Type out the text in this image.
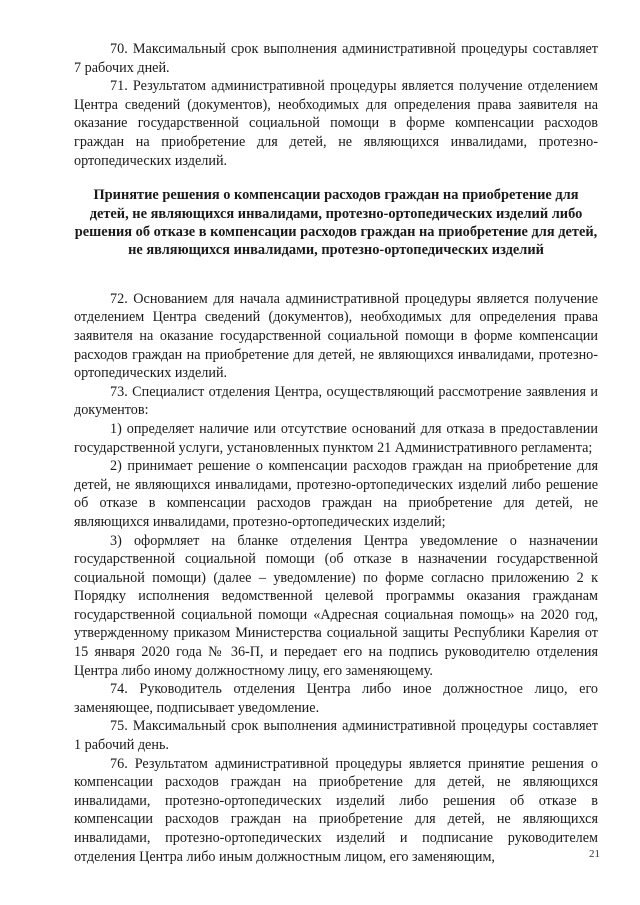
70. Максимальный срок выполнения административной процедуры составляет 7 рабочих дней.

71. Результатом административной процедуры является получение отделением Центра сведений (документов), необходимых для определения права заявителя на оказание государственной социальной помощи в форме компенсации расходов граждан на приобретение для детей, не являющихся инвалидами, протезно-ортопедических изделий.

Принятие решения о компенсации расходов граждан на приобретение для детей, не являющихся инвалидами, протезно-ортопедических изделий либо решения об отказе в компенсации расходов граждан на приобретение для детей, не являющихся инвалидами, протезно-ортопедических изделий

72. Основанием для начала административной процедуры является получение отделением Центра сведений (документов), необходимых для определения права заявителя на оказание государственной социальной помощи в форме компенсации расходов граждан на приобретение для детей, не являющихся инвалидами, протезно-ортопедических изделий.

73. Специалист отделения Центра, осуществляющий рассмотрение заявления и документов:

1) определяет наличие или отсутствие оснований для отказа в предоставлении государственной услуги, установленных пунктом 21 Административного регламента;

2) принимает решение о компенсации расходов граждан на приобретение для детей, не являющихся инвалидами, протезно-ортопедических изделий либо решение об отказе в компенсации расходов граждан на приобретение для детей, не являющихся инвалидами, протезно-ортопедических изделий;

3) оформляет на бланке отделения Центра уведомление о назначении государственной социальной помощи (об отказе в назначении государственной социальной помощи) (далее – уведомление) по форме согласно приложению 2 к Порядку исполнения ведомственной целевой программы оказания гражданам государственной социальной помощи «Адресная социальная помощь» на 2020 год, утвержденному приказом Министерства социальной защиты Республики Карелия от 15 января 2020 года № 36-П, и передает его на подпись руководителю отделения Центра либо иному должностному лицу, его заменяющему.

74. Руководитель отделения Центра либо иное должностное лицо, его заменяющее, подписывает уведомление.

75. Максимальный срок выполнения административной процедуры составляет 1 рабочий день.

76. Результатом административной процедуры является принятие решения о компенсации расходов граждан на приобретение для детей, не являющихся инвалидами, протезно-ортопедических изделий либо решения об отказе в компенсации расходов граждан на приобретение для детей, не являющихся инвалидами, протезно-ортопедических изделий и подписание руководителем отделения Центра либо иным должностным лицом, его заменяющим,	21
